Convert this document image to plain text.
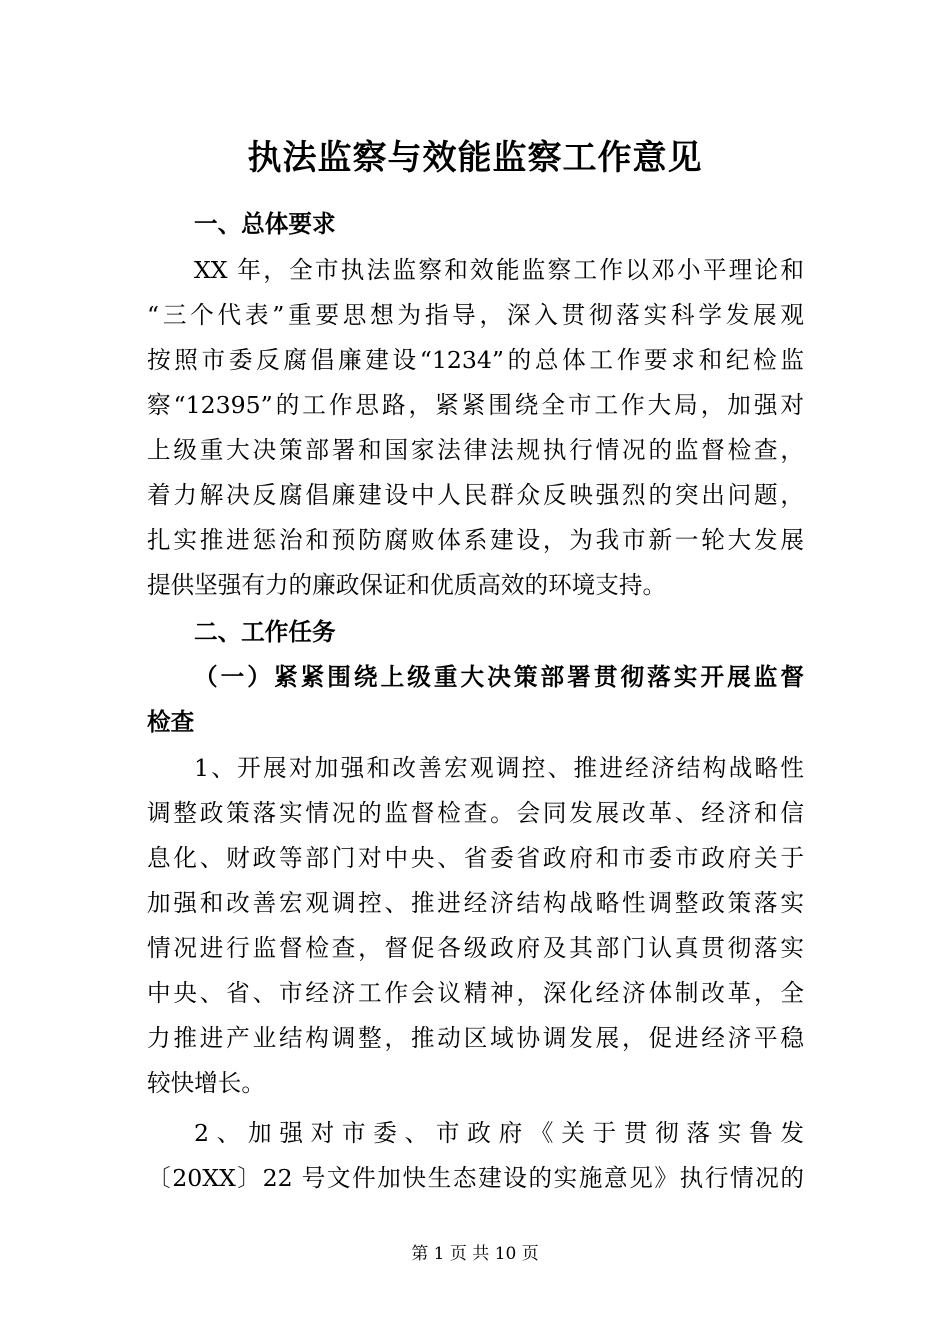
执法监察与效能监察工作意见
一、总体要求
XX 年，全市执法监察和效能监察工作以邓小平理论和
“三个代表”重要思想为指导，深入贯彻落实科学发展观
按照市委反腐倡廉建设“1234”的总体工作要求和纪检监
察“12395”的工作思路，紧紧围绕全市工作大局，加强对
上级重大决策部署和国家法律法规执行情况的监督检查，
着力解决反腐倡廉建设中人民群众反映强烈的突出问题，
扎实推进惩治和预防腐败体系建设，为我市新一轮大发展
提供坚强有力的廉政保证和优质高效的环境支持。
二、工作任务
（一）紧紧围绕上级重大决策部署贯彻落实开展监督
检查
1、开展对加强和改善宏观调控、推进经济结构战略性
调整政策落实情况的监督检查。会同发展改革、经济和信
息化、财政等部门对中央、省委省政府和市委市政府关于
加强和改善宏观调控、推进经济结构战略性调整政策落实
情况进行监督检查，督促各级政府及其部门认真贯彻落实
中央、省、市经济工作会议精神，深化经济体制改革，全
力推进产业结构调整，推动区域协调发展，促进经济平稳
较快增长。
2、加强对市委、市政府《关于贯彻落实鲁发
〔20XX〕22 号文件加快生态建设的实施意见》执行情况的
第 1 页 共 10 页
